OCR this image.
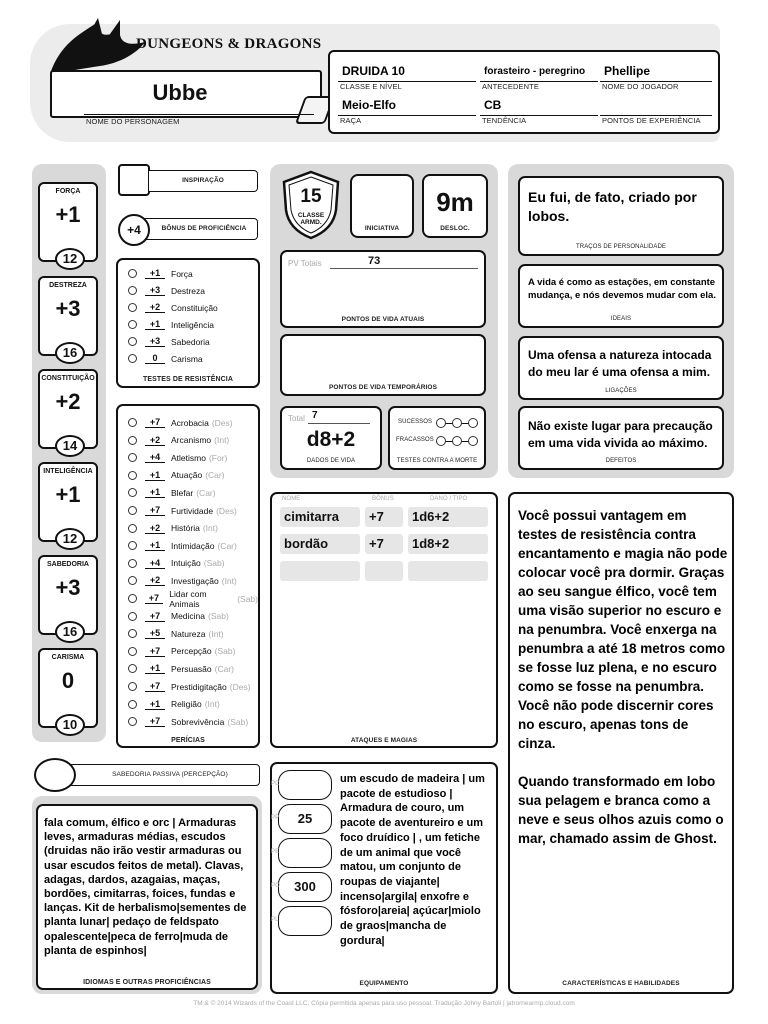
DUNGEONS & DRAGONS
Ubbe
NOME DO PERSONAGEM
DRUIDA 10
CLASSE E NÍVEL
forasteiro - peregrino
ANTECEDENTE
Phellipe
NOME DO JOGADOR
Meio-Elfo
RAÇA
CB
TENDÊNCIA	PONTOS DE EXPERIÊNCIA
FORÇA
+1
12
DESTREZA
+3
16
CONSTITUIÇÃO
+2
14
INTELIGÊNCIA
+1
12
SABEDORIA
+3
16
CARISMA
0
10
INSPIRAÇÃO
+4	BÔNUS DE PROFICIÊNCIA
+1	Força
+3	Destreza
+2	Constituição
+1	Inteligência
+3	Sabedoria
0	Carisma
TESTES DE RESISTÊNCIA
+7	Acrobacia (Des)
+2	Arcanismo (Int)
+4	Atletismo (For)
+1	Atuação (Car)
+1	Blefar (Car)
+7	Furtividade (Des)
+2	História (Int)
+1	Intimidação (Car)
+4	Intuição (Sab)
+2	Investigação (Int)
+7	Lidar com Animais	(Sab)
+7	Medicina (Sab)
+5	Natureza (Int)
+7	Percepção (Sab)
+1	Persuasão (Car)
+7	Prestidigitação (Des)
+1	Religião (Int)
+7	Sobrevivência (Sab)
PERÍCIAS
SABEDORIA PASSIVA (PERCEPÇÃO)
fala comum, élfico e orc | Armaduras leves, armaduras médias, escudos (druidas não irão vestir armaduras ou usar escudos feitos de metal). Clavas, adagas, dardos, azagaias, maças, bordões, cimitarras, foices, fundas e lanças. Kit de herbalismo|sementes de planta lunar| pedaço de feldspato opalescente|peca de ferro|muda de planta de espinhos|
IDIOMAS E OUTRAS PROFICIÊNCIAS
15
CLASSE ARMD.
INICIATIVA
9m
DESLOC.
PV Totais	73
PONTOS DE VIDA ATUAIS
PONTOS DE VIDA TEMPORÁRIOS
Total 7
d8+2
DADOS DE VIDA
SUCESSOS
FRACASSOS
TESTES CONTRA A MORTE
NOME	BÔNUS	DANO / TIPO
cimitarra	+7	1d6+2
bordão	+7	1d8+2
ATAQUES E MAGIAS
PC
PP	25
PE
PO	300
PL
um escudo de madeira | um pacote de estudioso | Armadura de couro, um pacote de aventureiro e um foco druídico | , um fetiche de um animal que você matou, um conjunto de
roupas de viajante| incenso|argila| enxofre e fósforo|areia| açúcar|miolo de graos|mancha de gordura|
EQUIPAMENTO
Eu fui, de fato, criado por lobos.
TRAÇOS DE PERSONALIDADE
A vida é como as estações, em constante mudança, e nós devemos mudar com ela.
IDEAIS
Uma ofensa a natureza intocada do meu lar é uma ofensa a mim.
LIGAÇÕES
Não existe lugar para precaução em uma vida vivida ao máximo.
DEFEITOS
Você possui vantagem em testes de resistência contra encantamento e magia não pode colocar você pra dormir. Graças ao seu sangue élfico, você tem uma visão superior no escuro e na penumbra. Você enxerga na penumbra a até 18 metros como se fosse luz plena, e no escuro como se fosse na penumbra. Você não pode discernir cores no escuro, apenas tons de cinza.

Quando transformado em lobo sua pelagem e branca como a neve e seus olhos azuis como o mar, chamado assim de Ghost.
CARACTERÍSTICAS E HABILIDADES
TM & © 2014 Wizards of the Coast LLC. Cópia permitida apenas para uso pessoal. Tradução Johny Bartoli | jatrornearmp.cloud.com
